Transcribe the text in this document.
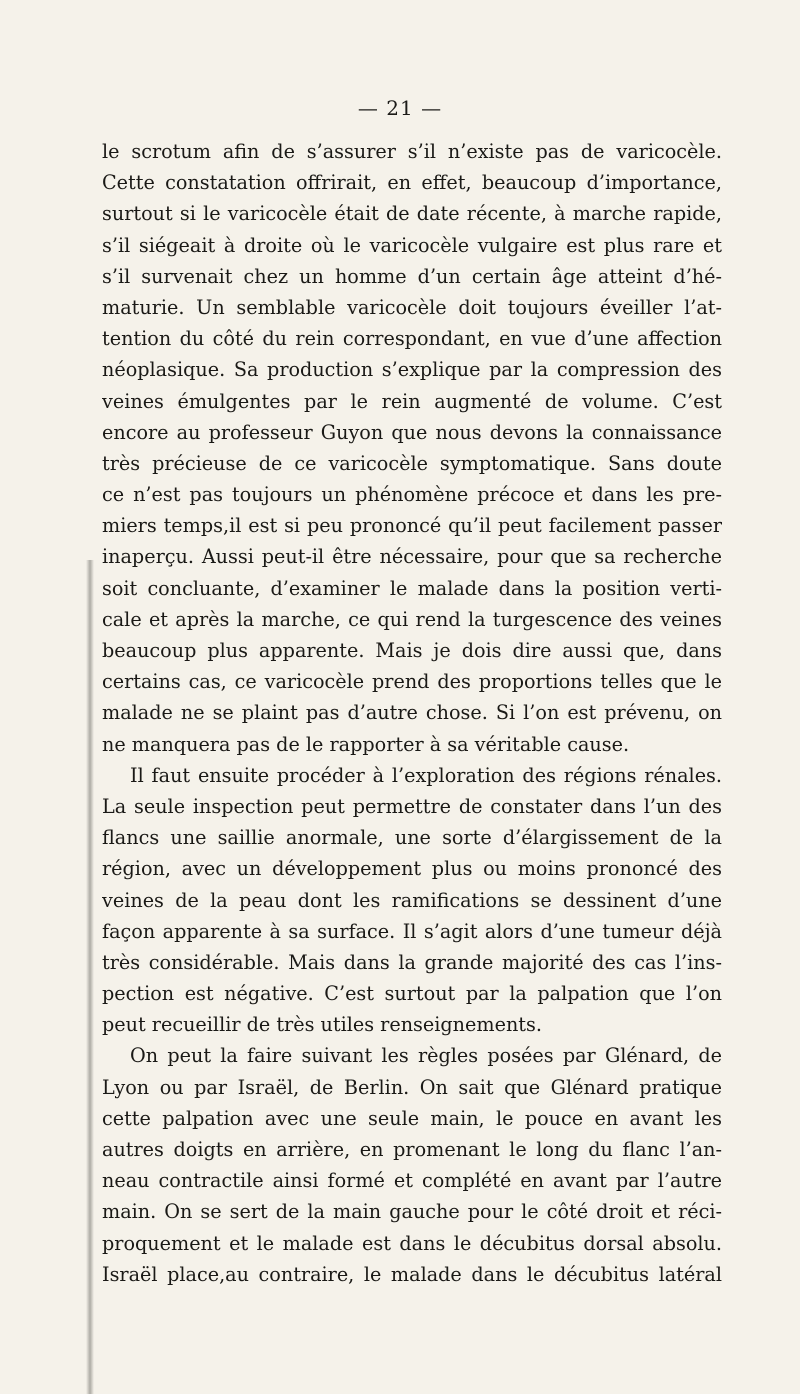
— 21 —
le scrotum afin de s’assurer s’il n’existe pas de varicocèle.
Cette constatation offrirait, en effet, beaucoup d’importance,
surtout si le varicocèle était de date récente, à marche rapide,
s’il siégeait à droite où le varicocèle vulgaire est plus rare et
s’il survenait chez un homme d’un certain âge atteint d’hé-
maturie. Un semblable varicocèle doit toujours éveiller l’at-
tention du côté du rein correspondant, en vue d’une affection
néoplasique. Sa production s’explique par la compression des
veines émulgentes par le rein augmenté de volume. C’est
encore au professeur Guyon que nous devons la connaissance
très précieuse de ce varicocèle symptomatique. Sans doute
ce n’est pas toujours un phénomène précoce et dans les pre-
miers temps,il est si peu prononcé qu’il peut facilement passer
inaperçu. Aussi peut-il être nécessaire, pour que sa recherche
soit concluante, d’examiner le malade dans la position verti-
cale et après la marche, ce qui rend la turgescence des veines
beaucoup plus apparente. Mais je dois dire aussi que, dans
certains cas, ce varicocèle prend des proportions telles que le
malade ne se plaint pas d’autre chose. Si l’on est prévenu, on
ne manquera pas de le rapporter à sa véritable cause.
Il faut ensuite procéder à l’exploration des régions rénales.
La seule inspection peut permettre de constater dans l’un des
flancs une saillie anormale, une sorte d’élargissement de la
région, avec un développement plus ou moins prononcé des
veines de la peau dont les ramifications se dessinent d’une
façon apparente à sa surface. Il s’agit alors d’une tumeur déjà
très considérable. Mais dans la grande majorité des cas l’ins-
pection est négative. C’est surtout par la palpation que l’on
peut recueillir de très utiles renseignements.
On peut la faire suivant les règles posées par Glénard, de
Lyon ou par Israël, de Berlin. On sait que Glénard pratique
cette palpation avec une seule main, le pouce en avant les
autres doigts en arrière, en promenant le long du flanc l’an-
neau contractile ainsi formé et complété en avant par l’autre
main. On se sert de la main gauche pour le côté droit et réci-
proquement et le malade est dans le décubitus dorsal absolu.
Israël place,au contraire, le malade dans le décubitus latéral
